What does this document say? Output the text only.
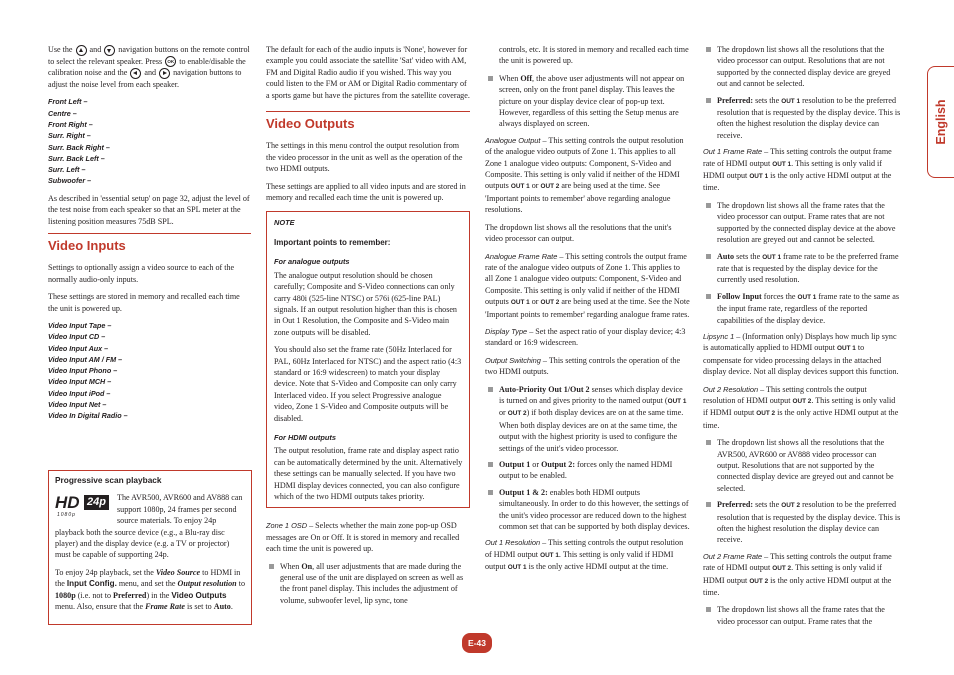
Use the  and  navigation buttons on the remote control to select the relevant speaker. Press OK to enable/disable the calibration noise and the  and  navigation buttons to adjust the noise level from each speaker.

Front Left –
Centre –
Front Right –
Surr. Right –
Surr. Back Right –
Surr. Back Left –
Surr. Left –
Subwoofer –

As described in 'essential setup' on page 32, adjust the level of the test noise from each speaker so that an SPL meter at the listening position measures 75dB SPL.

Video Inputs

Settings to optionally assign a video source to each of the normally audio-only inputs.

These settings are stored in memory and recalled each time the unit is powered up.

Video Input Tape –
Video Input CD –
Video Input Aux –
Video Input AM / FM –
Video Input Phono –
Video Input MCH –
Video Input iPod –
Video Input Net –
Video In Digital Radio –
Progressive scan playback
HD
1080p
24p	The AVR500, AVR600 and AV888 can support 1080p, 24 frames per second source materials. To enjoy 24p playback both the source device (e.g., a Blu-ray disc player) and the display device (e.g. a TV or projector) must be capable of supporting 24p.

To enjoy 24p playback, set the Video Source to HDMI in the Input Config. menu, and set the Output resolution to 1080p (i.e. not to Preferred) in the Video Outputs menu. Also, ensure that the Frame Rate is set to Auto.

The default for each of the audio inputs is 'None', however for example you could associate the satellite 'Sat' video with AM, FM and Digital Radio audio if you wished. This way you could listen to the FM or AM or Digital Radio commentary of a sports game but have the pictures from the satellite coverage.

Video Outputs

The settings in this menu control the output resolution from the video processor in the unit as well as the operation of the two HDMI outputs.

These settings are applied to all video inputs and are stored in memory and recalled each time the unit is powered up.

NOTE
Important points to remember:
For analogue outputs

The analogue output resolution should be chosen carefully; Composite and S-Video connections can only carry 480i (525-line NTSC) or 576i (625-line PAL) signals. If an output resolution higher than this is chosen in Out 1 Resolution, the Composite and S-Video main zone outputs will be disabled.

You should also set the frame rate (50Hz Interlaced for PAL, 60Hz Interlaced for NTSC) and the aspect ratio (4:3 standard or 16:9 widescreen) to match your display device. Note that S-Video and Composite can only carry Interlaced video. If you select Progressive analogue video, Zone 1 S-Video and Composite outputs will be disabled.

For HDMI outputs

The output resolution, frame rate and display aspect ratio can be automatically determined by the unit. Alternatively these settings can be manually selected. If you have two HDMI display devices connected, you can also configure which of the two HDMI outputs takes priority.

Zone 1 OSD – Selects whether the main zone pop-up OSD messages are On or Off. It is stored in memory and recalled each time the unit is powered up.

When On, all user adjustments that are made during the general use of the unit are displayed on screen as well as the front panel display. This includes the adjustment of volume, subwoofer level, lip sync, tone

controls, etc. It is stored in memory and recalled each time the unit is powered up.

When Off, the above user adjustments will not appear on screen, only on the front panel display. This leaves the picture on your display device clear of pop-up text. However, regardless of this setting the Setup menus are always displayed on screen.

Analogue Output – This setting controls the output resolution of the analogue video outputs of Zone 1. This applies to all Zone 1 analogue video outputs: Component, S-Video and Composite. This setting is only valid if neither of the HDMI outputs OUT 1 or OUT 2 are being used at the time. See 'Important points to remember' above regarding analogue resolutions.

The dropdown list shows all the resolutions that the unit's video processor can output.

Analogue Frame Rate – This setting controls the output frame rate of the analogue video outputs of Zone 1. This applies to all Zone 1 analogue video outputs: Component, S-Video and Composite. This setting is only valid if neither of the HDMI outputs OUT 1 or OUT 2 are being used at the time. See the Note 'Important points to remember' regarding analogue frame rates.

Display Type – Set the aspect ratio of your display device; 4:3 standard or 16:9 widescreen.

Output Switching – This setting controls the operation of the two HDMI outputs.

Auto-Priority Out 1/Out 2 senses which display device is turned on and gives priority to the named output (OUT 1 or OUT 2) if both display devices are on at the same time. When both display devices are on at the same time, the output with the highest priority is used to configure the settings of the unit's video processor.
Output 1 or Output 2: forces only the named HDMI output to be enabled.
Output 1 & 2: enables both HDMI outputs simultaneously. In order to do this however, the settings of the unit's video processor are reduced down to the highest common set that can be supported by both display devices.

Out 1 Resolution – This setting controls the output resolution of HDMI output OUT 1. This setting is only valid if HDMI output OUT 1 is the only active HDMI output at the time.

The dropdown list shows all the resolutions that the video processor can output. Resolutions that are not supported by the connected display device are greyed out and cannot be selected.
Preferred: sets the OUT 1 resolution to be the preferred resolution that is requested by the display device. This is often the highest resolution the display device can receive.

Out 1 Frame Rate – This setting controls the output frame rate of HDMI output OUT 1. This setting is only valid if HDMI output OUT 1 is the only active HDMI output at the time.

The dropdown list shows all the frame rates that the video processor can output. Frame rates that are not supported by the connected display device at the above resolution are greyed out and cannot be selected.
Auto sets the OUT 1 frame rate to be the preferred frame rate that is requested by the display device for the currently used resolution.
Follow Input forces the OUT 1 frame rate to the same as the input frame rate, regardless of the reported capabilities of the display device.

Lipsync 1 – (Information only) Displays how much lip sync is automatically applied to HDMI output OUT 1 to compensate for video processing delays in the attached display device. Not all display devices support this function.

Out 2 Resolution – This setting controls the output resolution of HDMI output OUT 2. This setting is only valid if HDMI output OUT 2 is the only active HDMI output at the time.

The dropdown list shows all the resolutions that the AVR500, AVR600 or AV888 video processor can output. Resolutions that are not supported by the connected display device are greyed out and cannot be selected.
Preferred: sets the OUT 2 resolution to be the preferred resolution that is requested by the display device. This is often the highest resolution the display device can receive.

Out 2 Frame Rate – This setting controls the output frame rate of HDMI output OUT 2. This setting is only valid if HDMI output OUT 2 is the only active HDMI output at the time.

The dropdown list shows all the frame rates that the video processor can output. Frame rates that the
English
E-43
